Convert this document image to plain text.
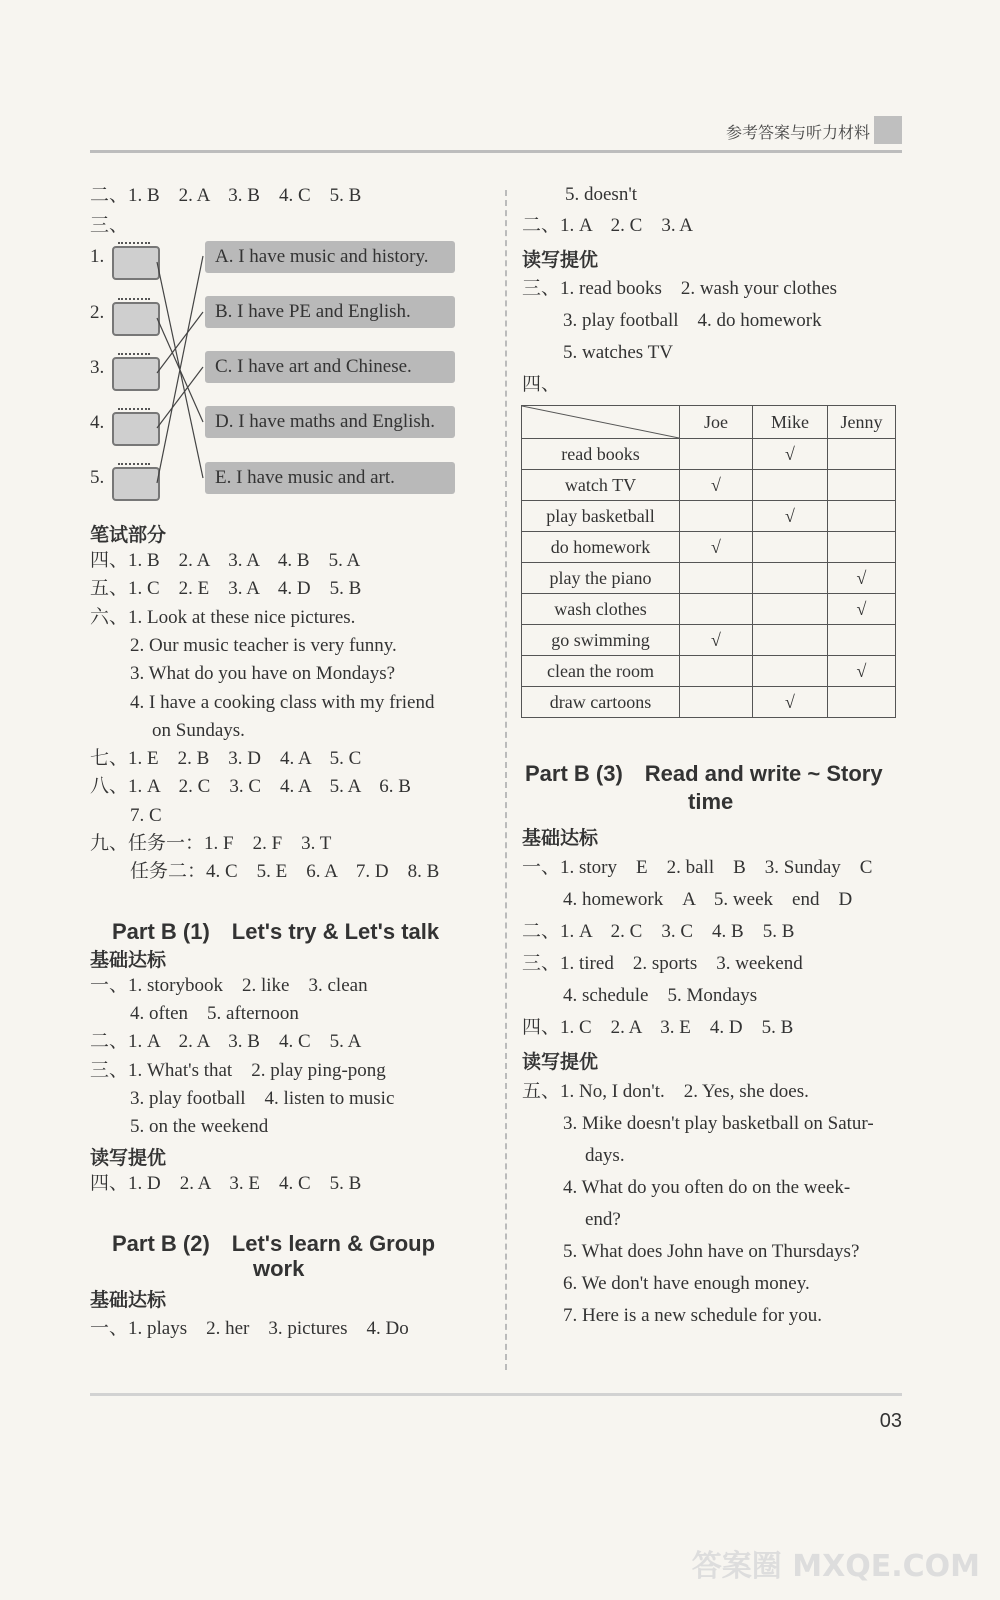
参考答案与听力材料
二、1. B　2. A　3. B　4. C　5. B
三、
1.
2.
3.
4.
5.
A. I have music and history.
B. I have PE and English.
C. I have art and Chinese.
D. I have maths and English.
E. I have music and art.
笔试部分
四、1. B　2. A　3. A　4. B　5. A
五、1. C　2. E　3. A　4. D　5. B
六、1. Look at these nice pictures.
2. Our music teacher is very funny.
3. What do you have on Mondays?
4. I have a cooking class with my friend
on Sundays.
七、1. E　2. B　3. D　4. A　5. C
八、1. A　2. C　3. C　4. A　5. A　6. B
7. C
九、任务一：1. F　2. F　3. T
任务二：4. C　5. E　6. A　7. D　8. B
Part B (1)　Let's try & Let's talk
基础达标
一、1. storybook　2. like　3. clean
4. often　5. afternoon
二、1. A　2. A　3. B　4. C　5. A
三、1. What's that　2. play ping-pong
3. play football　4. listen to music
5. on the weekend
读写提优
四、1. D　2. A　3. E　4. C　5. B
Part B (2)　Let's learn & Group
work
基础达标
一、1. plays　2. her　3. pictures　4. Do
5. doesn't
二、1. A　2. C　3. A
读写提优
三、1. read books　2. wash your clothes
3. play football　4. do homework
5. watches TV
四、
	Joe	Mike	Jenny
read books		√	
watch TV	√		
play basketball		√	
do homework	√		
play the piano			√
wash clothes			√
go swimming	√		
clean the room			√
draw cartoons		√	
Part B (3)　Read and write ~ Story
time
基础达标
一、1. story　E　2. ball　B　3. Sunday　C
4. homework　A　5. week　end　D
二、1. A　2. C　3. C　4. B　5. B
三、1. tired　2. sports　3. weekend
4. schedule　5. Mondays
四、1. C　2. A　3. E　4. D　5. B
读写提优
五、1. No, I don't.　2. Yes, she does.
3. Mike doesn't play basketball on Satur-
days.
4. What do you often do on the week-
end?
5. What does John have on Thursdays?
6. We don't have enough money.
7. Here is a new schedule for you.
03
答案圈 MXQE.COM
